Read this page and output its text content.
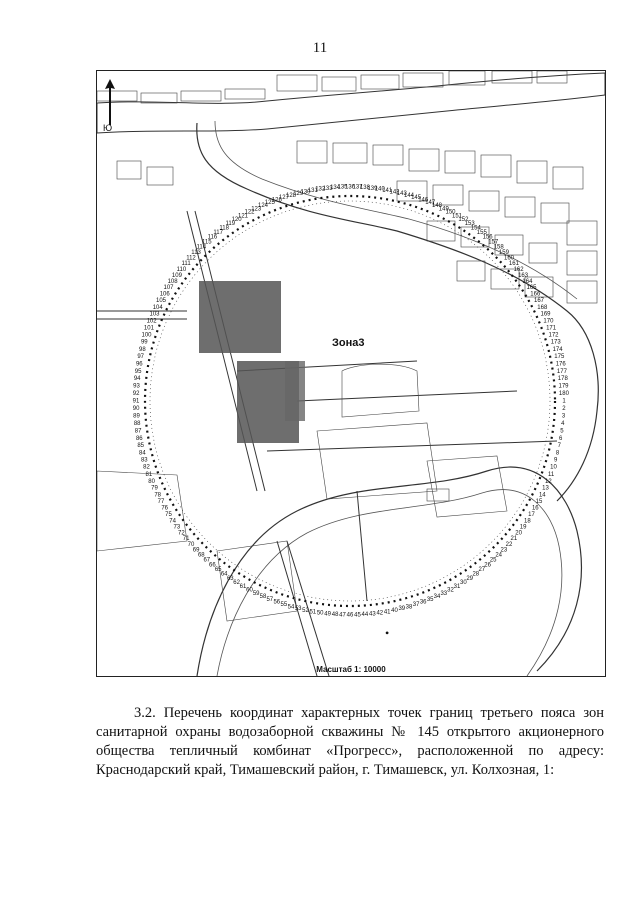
11
1
2
3
4
5
6
7
8
9
10
11
12
13
14
15
16
17
18
19
20
21
22
23
24
25
26
27
28
29
30
31
32
33
34
35
36
37
38
39
40
41
42
43
44
45
46
47
48
49
50
51
52
53
54
55
56
57
58
59
60
61
62
63
64
65
66
67
68
69
70
71
72
73
74
75
76
77
78
79
80
81
82
83
84
85
86
87
88
89
90
91
92
93
94
95
96
97
98
99
100
101
102
103
104
105
106
107
108
109
110
111
112
113
114
115
116
117
118
119
120
121
122
123
124
125
126
127
128
129
130
131
132
133
134
135
136
137
138
139
140
141
142
143
144
145
146
147
148
149
150
151
152
153
154
155
156
157
158
159
160
161
162
163
164
165
166
167
168
169
170
171
172
173
174
175
176
177
178
179
180
Ю
Зона3
Масштаб 1: 10000
•

3.2. Перечень координат характерных точек границ третьего пояса зон санитарной охраны водозаборной скважины № 145 открытого акционерного общества тепличный комбинат «Прогресс», расположенной по адресу: Краснодарский край, Тимашевский район, г. Тимашевск, ул. Колхозная, 1:
